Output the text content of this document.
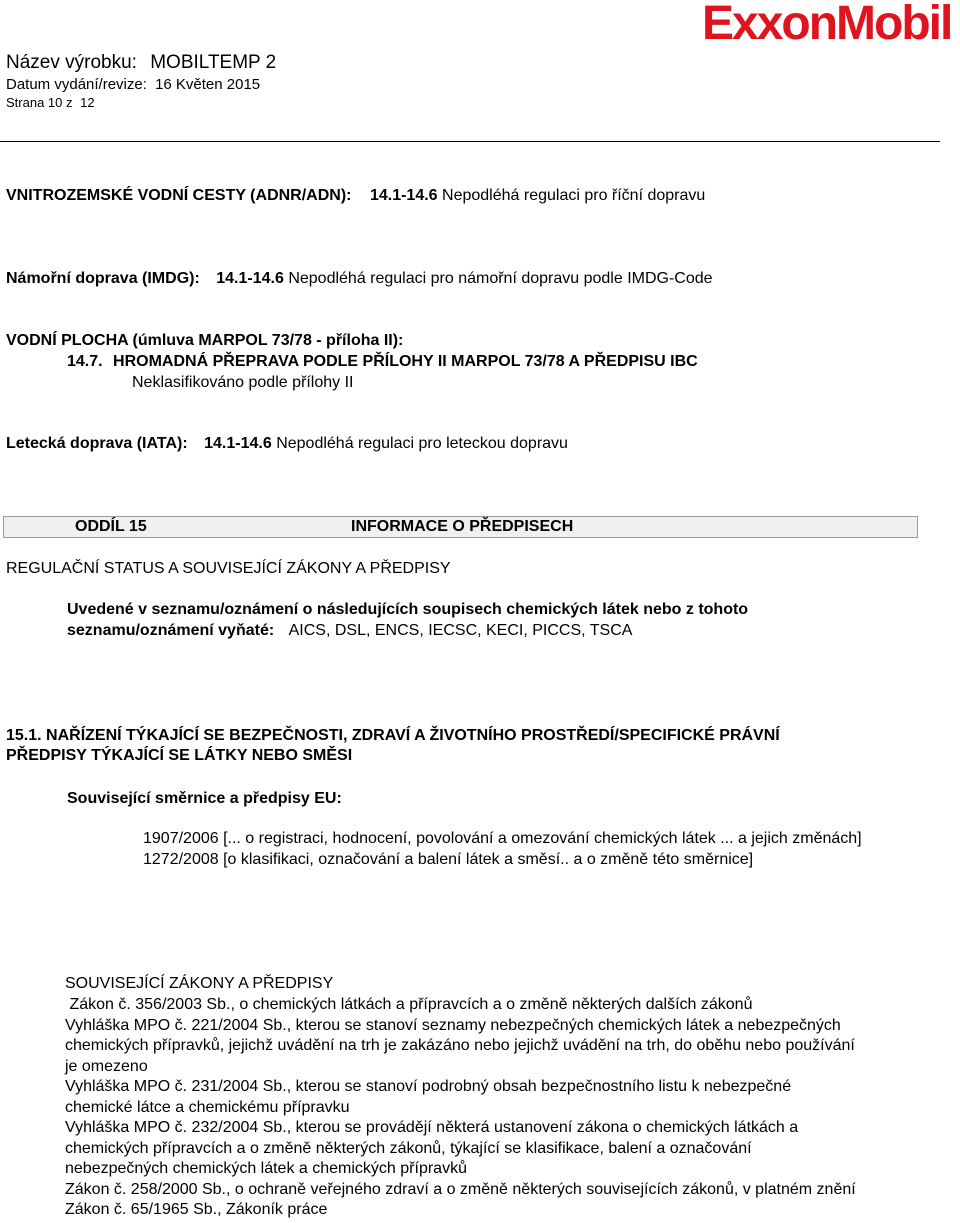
Název výrobku: MOBILTEMP 2
Datum vydání/revize: 16 Květen 2015
Strana 10 z 12
ExxonMobil
VNITROZEMSKÉ VODNÍ CESTY (ADNR/ADN): 14.1-14.6 Nepodléhá regulaci pro říční dopravu
Námořní doprava (IMDG): 14.1-14.6 Nepodléhá regulaci pro námořní dopravu podle IMDG-Code
VODNÍ PLOCHA (úmluva MARPOL 73/78 - příloha II):
14.7. HROMADNÁ PŘEPRAVA PODLE PŘÍLOHY II MARPOL 73/78 A PŘEDPISU IBC
Neklasifikováno podle přílohy II
Letecká doprava (IATA): 14.1-14.6 Nepodléhá regulaci pro leteckou dopravu
ODDÍL 15	INFORMACE O PŘEDPISECH
REGULAČNÍ STATUS A SOUVISEJÍCÍ ZÁKONY A PŘEDPISY
Uvedené v seznamu/oznámení o následujících soupisech chemických látek nebo z tohoto
seznamu/oznámení vyňaté: AICS, DSL, ENCS, IECSC, KECI, PICCS, TSCA
15.1. NAŘÍZENÍ TÝKAJÍCÍ SE BEZPEČNOSTI, ZDRAVÍ A ŽIVOTNÍHO PROSTŘEDÍ/SPECIFICKÉ PRÁVNÍ
PŘEDPISY TÝKAJÍCÍ SE LÁTKY NEBO SMĚSI
Související směrnice a předpisy EU:
1907/2006 [... o registraci, hodnocení, povolování a omezování chemických látek ... a jejich změnách]
1272/2008 [o klasifikaci, označování a balení látek a směsí.. a o změně této směrnice]
SOUVISEJÍCÍ ZÁKONY A PŘEDPISY
Zákon č. 356/2003 Sb., o chemických látkách a přípravcích a o změně některých dalších zákonů
Vyhláška MPO č. 221/2004 Sb., kterou se stanoví seznamy nebezpečných chemických látek a nebezpečných
chemických přípravků, jejichž uvádění na trh je zakázáno nebo jejichž uvádění na trh, do oběhu nebo používání
je omezeno
Vyhláška MPO č. 231/2004 Sb., kterou se stanoví podrobný obsah bezpečnostního listu k nebezpečné
chemické látce a chemickému přípravku
Vyhláška MPO č. 232/2004 Sb., kterou se provádějí některá ustanovení zákona o chemických látkách a
chemických přípravcích a o změně některých zákonů, týkající se klasifikace, balení a označování
nebezpečných chemických látek a chemických přípravků
Zákon č. 258/2000 Sb., o ochraně veřejného zdraví a o změně některých souvisejících zákonů, v platném znění
Zákon č. 65/1965 Sb., Zákoník práce
